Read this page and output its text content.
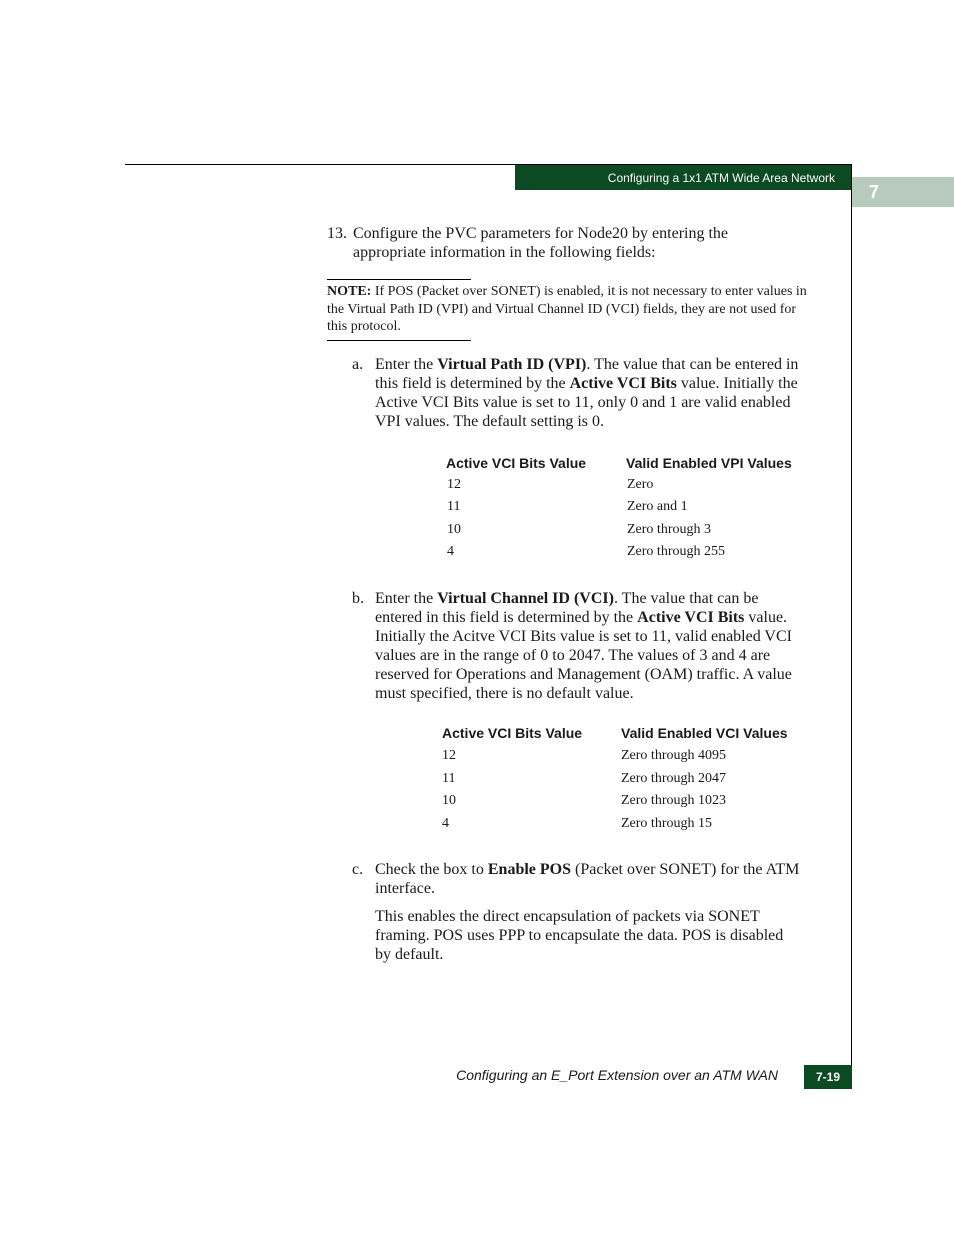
Configuring a 1x1 ATM Wide Area Network
7
13. Configure the PVC parameters for Node20 by entering the appropriate information in the following fields:
NOTE: If POS (Packet over SONET) is enabled, it is not necessary to enter values in the Virtual Path ID (VPI) and Virtual Channel ID (VCI) fields, they are not used for this protocol.
a. Enter the Virtual Path ID (VPI). The value that can be entered in this field is determined by the Active VCI Bits value. Initially the Active VCI Bits value is set to 11, only 0 and 1 are valid enabled VPI values. The default setting is 0.
Active VCI Bits Value	Valid Enabled VPI Values
12	Zero
11	Zero and 1
10	Zero through 3
4	Zero through 255
b. Enter the Virtual Channel ID (VCI). The value that can be entered in this field is determined by the Active VCI Bits value. Initially the Acitve VCI Bits value is set to 11, valid enabled VCI values are in the range of 0 to 2047. The values of 3 and 4 are reserved for Operations and Management (OAM) traffic. A value must specified, there is no default value.
Active VCI Bits Value	Valid Enabled VCI Values
12	Zero through 4095
11	Zero through 2047
10	Zero through 1023
4	Zero through 15
c. Check the box to Enable POS (Packet over SONET) for the ATM interface.
This enables the direct encapsulation of packets via SONET framing. POS uses PPP to encapsulate the data. POS is disabled by default.
Configuring an E_Port Extension over an ATM WAN	7-19
